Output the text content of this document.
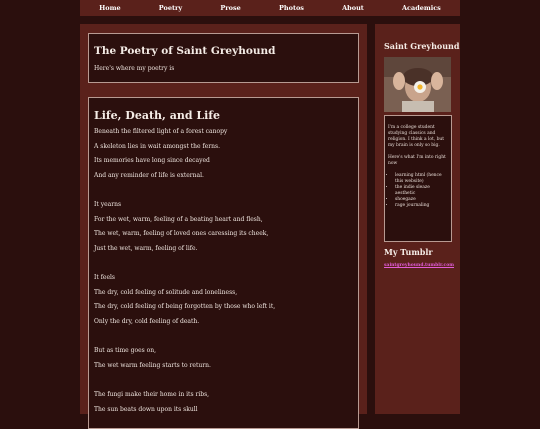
Home	Poetry	Prose	Photos	About	Academics
The Poetry of Saint Greyhound

Here's where my poetry is

Life, Death, and Life
Beneath the filtered light of a forest canopy
A skeleton lies in wait amongst the ferns.
Its memories have long since decayed
And any reminder of life is external.
It yearns
For the wet, warm, feeling of a beating heart and flesh,
The wet, warm, feeling of loved ones caressing its cheek,
Just the wet, warm, feeling of life.
It feels
The dry, cold feeling of solitude and loneliness,
The dry, cold feeling of being forgotten by those who left it,
Only the dry, cold feeling of death.
But as time goes on,
The wet warm feeling starts to return.
The fungi make their home in its ribs,
The sun beats down upon its skull
Saint Greyhound

I'm a college student studying classics and religion. I think a lot, but my brain is only so big.

Here's what I'm into right now

• learning html (hence this website)
• the indie sleaze aesthetic
• shoegaze
• rage journaling
My Tumblr
saintgreyhound.tumblr.com
